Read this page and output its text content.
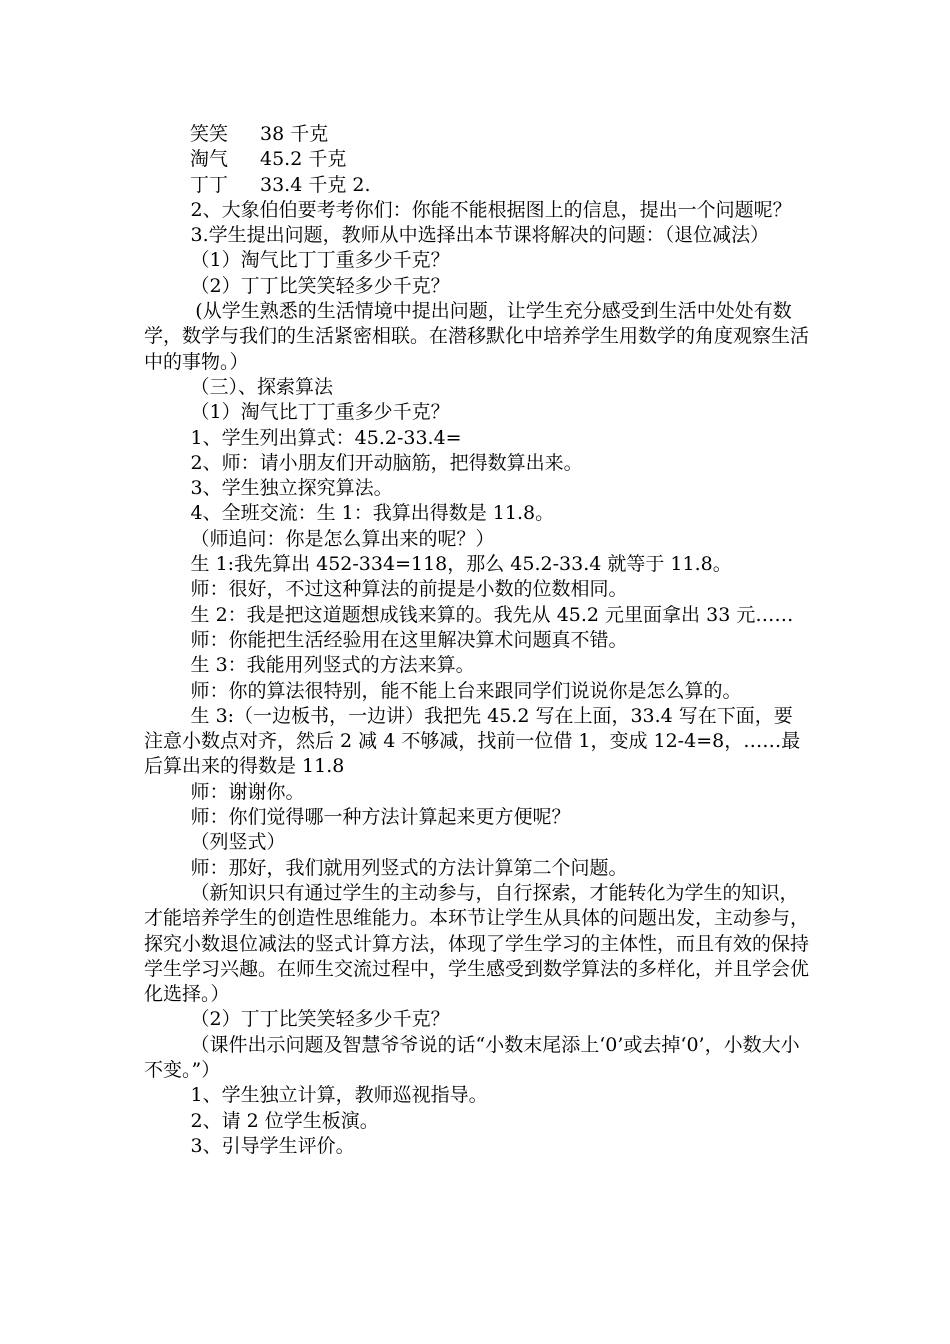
笑笑	38 千克
淘气	45.2 千克
丁丁	33.4 千克 2.

2、大象伯伯要考考你们：你能不能根据图上的信息，提出一个问题呢？

3.学生提出问题，教师从中选择出本节课将解决的问题：（退位减法）

（1）淘气比丁丁重多少千克？

（2）丁丁比笑笑轻多少千克？

(从学生熟悉的生活情境中提出问题，让学生充分感受到生活中处处有数学，数学与我们的生活紧密相联。在潜移默化中培养学生用数学的角度观察生活中的事物。）

（三）、探索算法

（1）淘气比丁丁重多少千克？

1、学生列出算式：45.2-33.4=

2、师：请小朋友们开动脑筋，把得数算出来。

3、学生独立探究算法。

4、全班交流：生 1：我算出得数是 11.8。

（师追问：你是怎么算出来的呢？）

生 1:我先算出 452-334=118，那么 45.2-33.4 就等于 11.8。

师：很好，不过这种算法的前提是小数的位数相同。

生 2：我是把这道题想成钱来算的。我先从 45.2 元里面拿出 33 元……

师：你能把生活经验用在这里解决算术问题真不错。

生 3：我能用列竖式的方法来算。

师：你的算法很特别，能不能上台来跟同学们说说你是怎么算的。

生 3:（一边板书，一边讲）我把先 45.2 写在上面，33.4 写在下面，要注意小数点对齐，然后 2 减 4 不够减，找前一位借 1，变成 12-4=8，……最后算出来的得数是 11.8

师：谢谢你。

师：你们觉得哪一种方法计算起来更方便呢？

（列竖式）

师：那好，我们就用列竖式的方法计算第二个问题。

（新知识只有通过学生的主动参与，自行探索，才能转化为学生的知识，才能培养学生的创造性思维能力。本环节让学生从具体的问题出发，主动参与，探究小数退位减法的竖式计算方法，体现了学生学习的主体性，而且有效的保持学生学习兴趣。在师生交流过程中，学生感受到数学算法的多样化，并且学会优化选择。）

（2）丁丁比笑笑轻多少千克？

（课件出示问题及智慧爷爷说的话“小数末尾添上‘0’或去掉‘0’，小数大小不变。”）

1、学生独立计算，教师巡视指导。

2、请 2 位学生板演。

3、引导学生评价。
